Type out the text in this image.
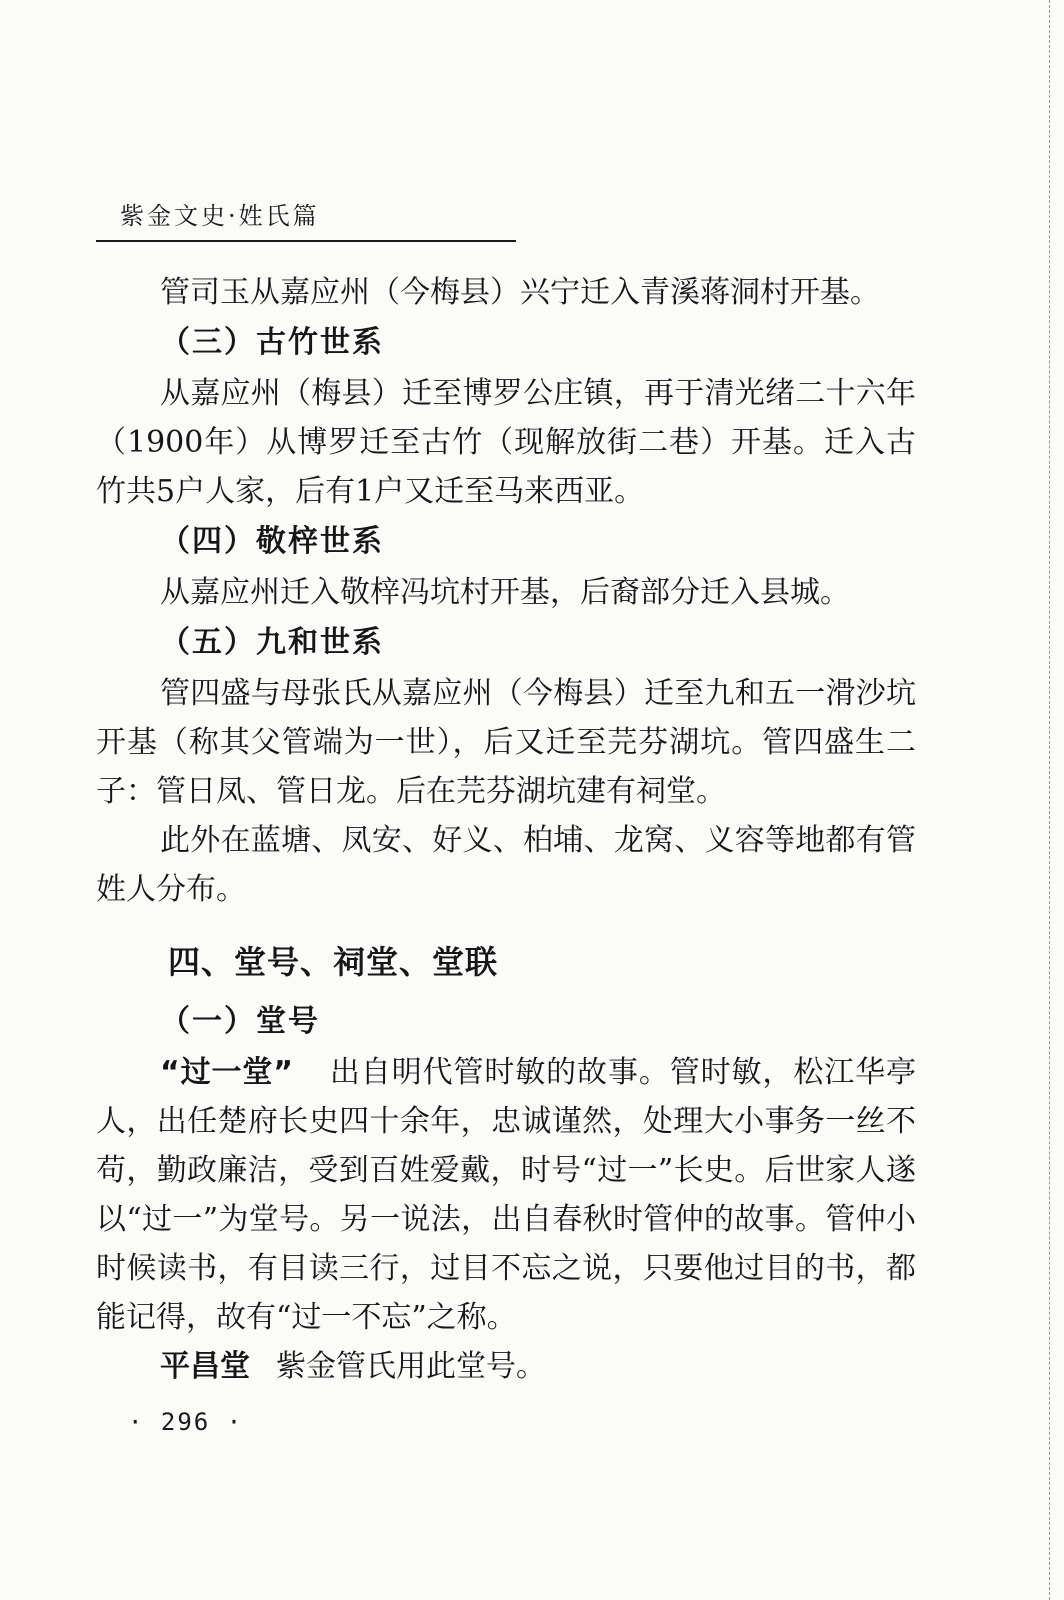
紫金文史·姓氏篇

管司玉从嘉应州（今梅县）兴宁迁入青溪蒋洞村开基。

（三）古竹世系

从嘉应州（梅县）迁至博罗公庄镇，再于清光绪二十六年（1900年）从博罗迁至古竹（现解放街二巷）开基。迁入古竹共5户人家，后有1户又迁至马来西亚。

（四）敬梓世系

从嘉应州迁入敬梓冯坑村开基，后裔部分迁入县城。

（五）九和世系

管四盛与母张氏从嘉应州（今梅县）迁至九和五一滑沙坑开基（称其父管端为一世），后又迁至芫芬湖坑。管四盛生二子：管日凤、管日龙。后在芫芬湖坑建有祠堂。

此外在蓝塘、凤安、好义、柏埔、龙窝、义容等地都有管姓人分布。

四、堂号、祠堂、堂联
（一）堂号

“过一堂” 出自明代管时敏的故事。管时敏，松江华亭人，出任楚府长史四十余年，忠诚谨然，处理大小事务一丝不苟，勤政廉洁，受到百姓爱戴，时号“过一”长史。后世家人遂以“过一”为堂号。另一说法，出自春秋时管仲的故事。管仲小时候读书，有目读三行，过目不忘之说，只要他过目的书，都能记得，故有“过一不忘”之称。

平昌堂 紫金管氏用此堂号。

· 296 ·
